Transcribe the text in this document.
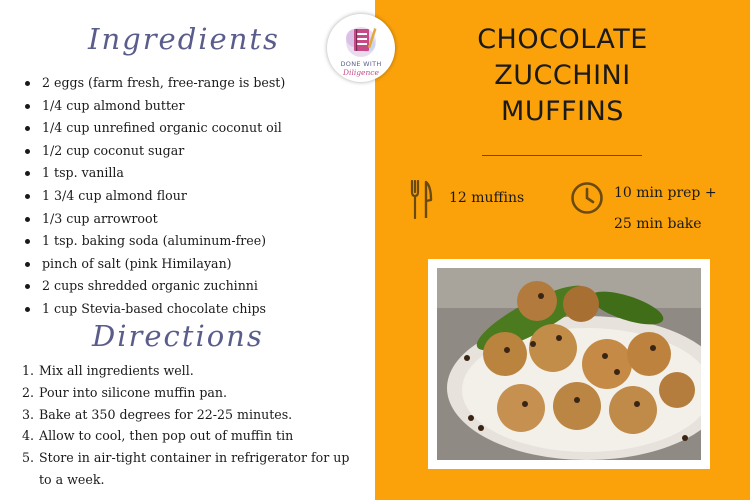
Ingredients
2 eggs (farm fresh, free-range is best)
1/4 cup almond butter
1/4 cup unrefined organic coconut oil
1/2 cup coconut sugar
1 tsp. vanilla
1 3/4 cup almond flour
1/3 cup arrowroot
1 tsp. baking soda (aluminum-free)
pinch of salt (pink Himilayan)
2 cups shredded organic zuchinni
1 cup Stevia-based chocolate chips
Directions
1. Mix all ingredients well.
2. Pour into silicone muffin pan.
3. Bake at 350 degrees for 22-25 minutes.
4. Allow to cool, then pop out of muffin tin
5. Store in air-tight container in refrigerator for up to a week.
DONE WITH
Diligence
CHOCOLATE
ZUCCHINI
MUFFINS
12 muffins	10 min prep +
25 min bake
